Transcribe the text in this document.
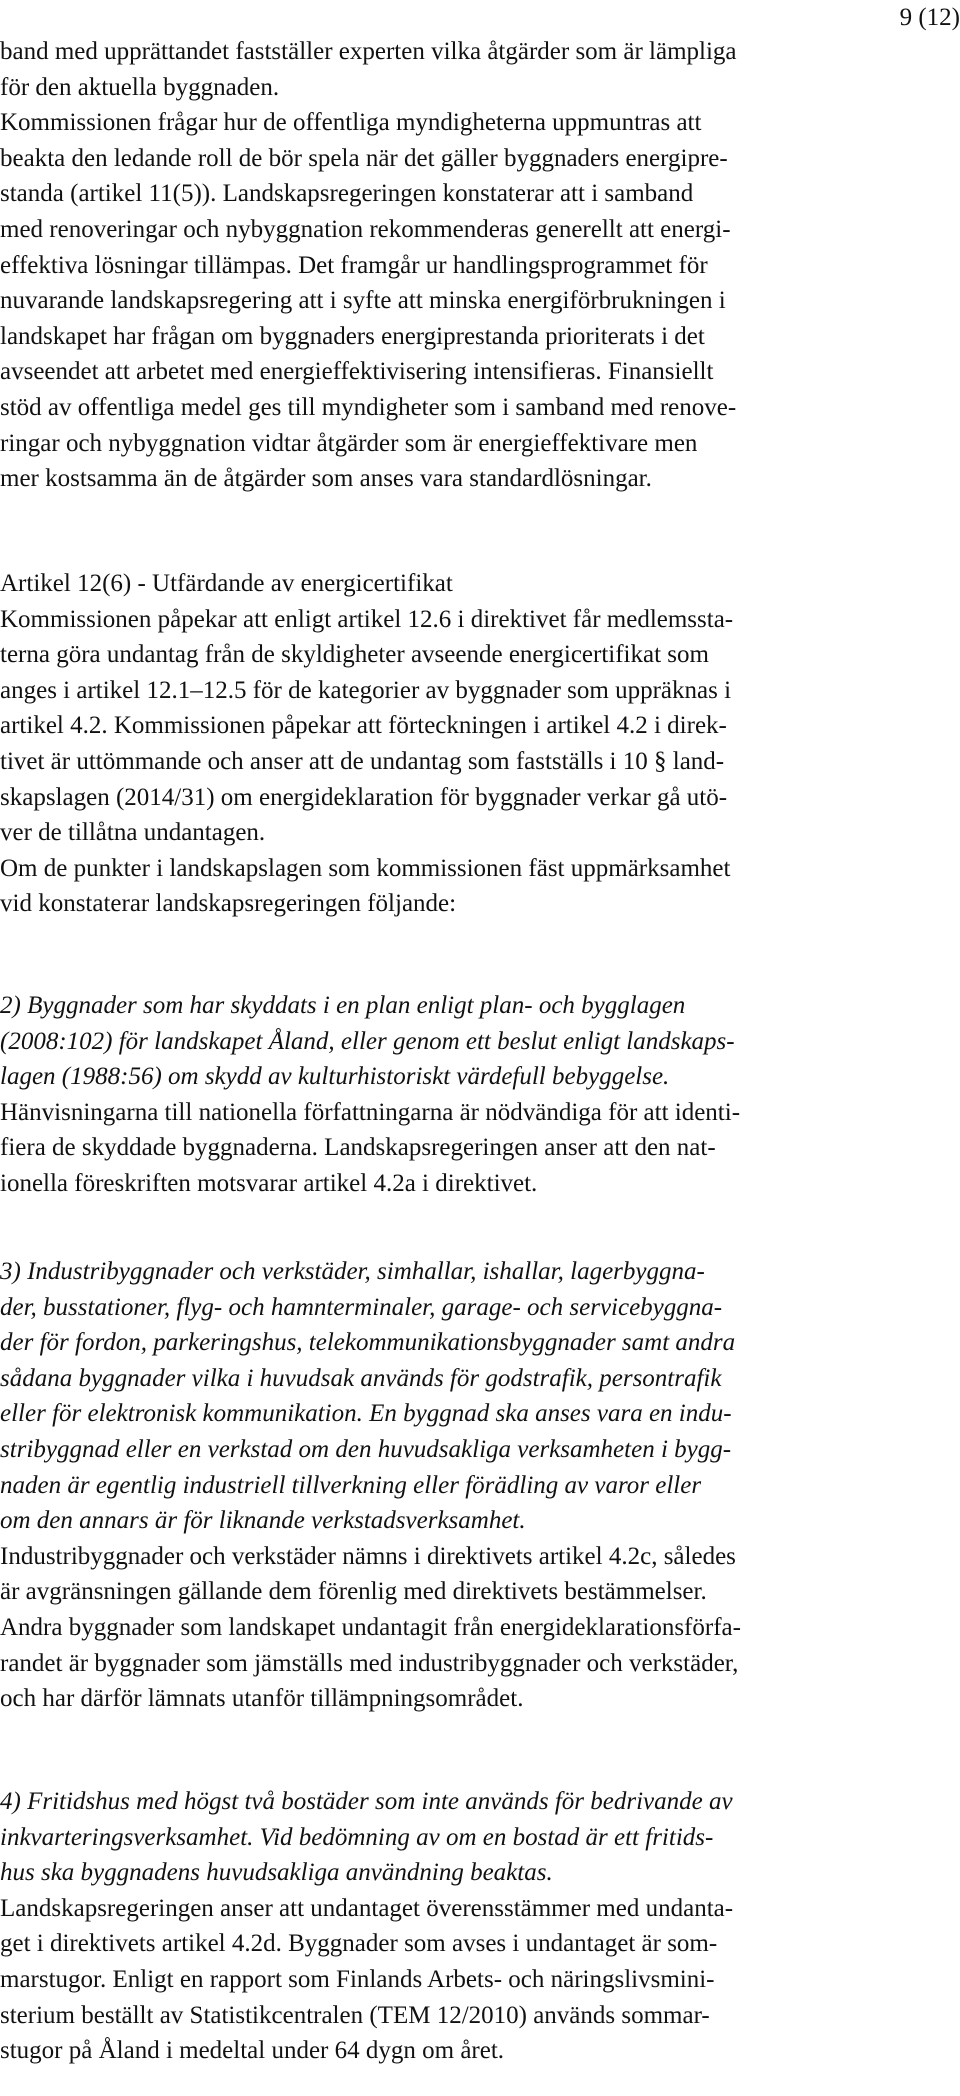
9 (12)
band med upprättandet fastställer experten vilka åtgärder som är lämpliga
för den aktuella byggnaden.
Kommissionen frågar hur de offentliga myndigheterna uppmuntras att
beakta den ledande roll de bör spela när det gäller byggnaders energipre-
standa (artikel 11(5)). Landskapsregeringen konstaterar att i samband
med renoveringar och nybyggnation rekommenderas generellt att energi-
effektiva lösningar tillämpas. Det framgår ur handlingsprogrammet för
nuvarande landskapsregering att i syfte att minska energiförbrukningen i
landskapet har frågan om byggnaders energiprestanda prioriterats i det
avseendet att arbetet med energieffektivisering intensifieras. Finansiellt
stöd av offentliga medel ges till myndigheter som i samband med renove-
ringar och nybyggnation vidtar åtgärder som är energieffektivare men
mer kostsamma än de åtgärder som anses vara standardlösningar.
Artikel 12(6) - Utfärdande av energicertifikat
Kommissionen påpekar att enligt artikel 12.6 i direktivet får medlemssta-
terna göra undantag från de skyldigheter avseende energicertifikat som
anges i artikel 12.1–12.5 för de kategorier av byggnader som uppräknas i
artikel 4.2. Kommissionen påpekar att förteckningen i artikel 4.2 i direk-
tivet är uttömmande och anser att de undantag som fastställs i 10 § land-
skapslagen (2014/31) om energideklaration för byggnader verkar gå utö-
ver de tillåtna undantagen.
Om de punkter i landskapslagen som kommissionen fäst uppmärksamhet
vid konstaterar landskapsregeringen följande:
2) Byggnader som har skyddats i en plan enligt plan- och bygglagen
(2008:102) för landskapet Åland, eller genom ett beslut enligt landskaps-
lagen (1988:56) om skydd av kulturhistoriskt värdefull bebyggelse.
Hänvisningarna till nationella författningarna är nödvändiga för att identi-
fiera de skyddade byggnaderna. Landskapsregeringen anser att den nat-
ionella föreskriften motsvarar artikel 4.2a i direktivet.
3) Industribyggnader och verkstäder, simhallar, ishallar, lagerbyggna-
der, busstationer, flyg- och hamnterminaler, garage- och servicebyggna-
der för fordon, parkeringshus, telekommunikationsbyggnader samt andra
sådana byggnader vilka i huvudsak används för godstrafik, persontrafik
eller för elektronisk kommunikation. En byggnad ska anses vara en indu-
stribyggnad eller en verkstad om den huvudsakliga verksamheten i bygg-
naden är egentlig industriell tillverkning eller förädling av varor eller
om den annars är för liknande verkstadsverksamhet.
Industribyggnader och verkstäder nämns i direktivets artikel 4.2c, således
är avgränsningen gällande dem förenlig med direktivets bestämmelser.
Andra byggnader som landskapet undantagit från energideklarationsförfa-
randet är byggnader som jämställs med industribyggnader och verkstäder,
och har därför lämnats utanför tillämpningsområdet.
4) Fritidshus med högst två bostäder som inte används för bedrivande av
inkvarteringsverksamhet. Vid bedömning av om en bostad är ett fritids-
hus ska byggnadens huvudsakliga användning beaktas.
Landskapsregeringen anser att undantaget överensstämmer med undanta-
get i direktivets artikel 4.2d. Byggnader som avses i undantaget är som-
marstugor. Enligt en rapport som Finlands Arbets- och näringslivsmini-
sterium beställt av Statistikcentralen (TEM 12/2010) används sommar-
stugor på Åland i medeltal under 64 dygn om året.
